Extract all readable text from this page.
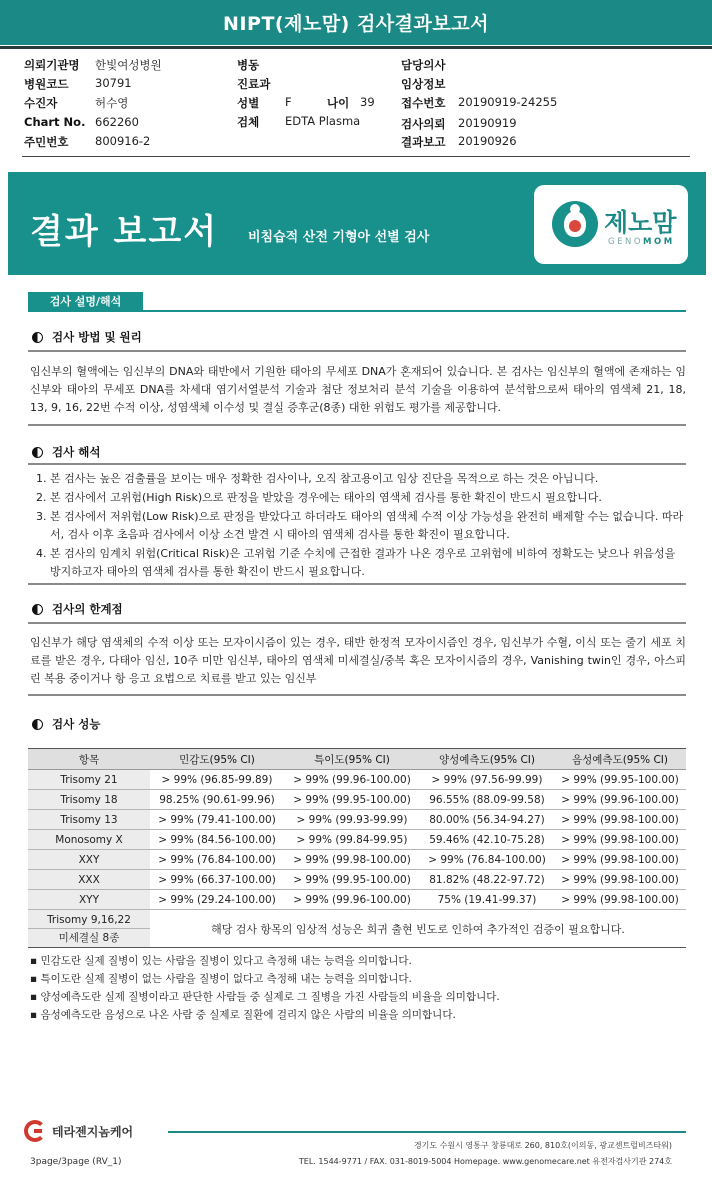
NIPT(제노맘) 검사결과보고서
의뢰기관명 한빛여성병원
병원코드 30791
수진자	허수영
Chart No. 662260
주민번호 800916-2
병동
진료과
성별 F	나이 39
검체 EDTA Plasma
담당의사
임상정보
접수번호 20190919-24255
검사의뢰 20190919
결과보고 20190926
결과 보고서 비침습적 산전 기형아 선별 검사
제노맘
GENOMOM
검사 설명/해석
검사 방법 및 원리
임신부의 혈액에는 임신부의 DNA와 태반에서 기원한 태아의 무세포 DNA가 혼재되어 있습니다. 본 검사는 임신부의 혈액에 존재하는 임신부와 태아의 무세포 DNA를 차세대 염기서열분석 기술과 첨단 정보처리 분석 기술을 이용하여 분석함으로써 태아의 염색체 21, 18, 13, 9, 16, 22번 수적 이상, 성염색체 이수성 및 결실 증후군(8종) 대한 위험도 평가를 제공합니다.
검사 해석
1. 본 검사는 높은 검출률을 보이는 매우 정확한 검사이나, 오직 참고용이고 임상 진단을 목적으로 하는 것은 아닙니다.
2. 본 검사에서 고위험(High Risk)으로 판정을 받았을 경우에는 태아의 염색체 검사를 통한 확진이 반드시 필요합니다.
3. 본 검사에서 저위험(Low Risk)으로 판정을 받았다고 하더라도 태아의 염색체 수적 이상 가능성을 완전히 배제할 수는 없습니다. 따라서, 검사 이후 초음파 검사에서 이상 소견 발견 시 태아의 염색체 검사를 통한 확진이 필요합니다.
4. 본 검사의 임계치 위험(Critical Risk)은 고위험 기준 수치에 근접한 결과가 나온 경우로 고위험에 비하여 정확도는 낮으나 위음성을 방지하고자 태아의 염색체 검사를 통한 확진이 반드시 필요합니다.
검사의 한계점
임신부가 해당 염색체의 수적 이상 또는 모자이시즘이 있는 경우, 태반 한정적 모자이시즘인 경우, 임신부가 수혈, 이식 또는 줄기 세포 치료를 받은 경우, 다태아 임신, 10주 미만 임신부, 태아의 염색체 미세결실/중복 혹은 모자이시즘의 경우, Vanishing twin인 경우, 아스피린 복용 중이거나 항 응고 요법으로 치료를 받고 있는 임신부
검사 성능
항목	민감도(95% CI)	특이도(95% CI)	양성예측도(95% CI)	음성예측도(95% CI)
Trisomy 21	> 99% (96.85-99.89)	> 99% (99.96-100.00)	> 99% (97.56-99.99)	> 99% (99.95-100.00)
Trisomy 18	98.25% (90.61-99.96)	> 99% (99.95-100.00)	96.55% (88.09-99.58)	> 99% (99.96-100.00)
Trisomy 13	> 99% (79.41-100.00)	> 99% (99.93-99.99)	80.00% (56.34-94.27)	> 99% (99.98-100.00)
Monosomy X	> 99% (84.56-100.00)	> 99% (99.84-99.95)	59.46% (42.10-75.28)	> 99% (99.98-100.00)
XXY	> 99% (76.84-100.00)	> 99% (99.98-100.00)	> 99% (76.84-100.00)	> 99% (99.98-100.00)
XXX	> 99% (66.37-100.00)	> 99% (99.95-100.00)	81.82% (48.22-97.72)	> 99% (99.98-100.00)
XYY	> 99% (29.24-100.00)	> 99% (99.96-100.00)	75% (19.41-99.37)	> 99% (99.98-100.00)

Trisomy 9,16,22
미세결실 8종	해당 검사 항목의 임상적 성능은 희귀 출현 빈도로 인하여 추가적인 검증이 필요합니다.			
▪ 민감도란 실제 질병이 있는 사람을 질병이 있다고 측정해 내는 능력을 의미합니다.
▪ 특이도란 실제 질병이 없는 사람을 질병이 없다고 측정해 내는 능력을 의미합니다.
▪ 양성예측도란 실제 질병이라고 판단한 사람들 중 실제로 그 질병을 가진 사람들의 비율을 의미합니다.
▪ 음성예측도란 음성으로 나온 사람 중 실제로 질환에 걸리지 않은 사람의 비율을 의미합니다.
테라젠지놈케어
경기도 수원시 영통구 창룡대로 260, 810호(이의동, 광교센트럴비즈타워)
TEL. 1544-9771 / FAX. 031-8019-5004 Homepage. www.genomecare.net 유전자검사기관 274호
3page/3page (RV_1)
